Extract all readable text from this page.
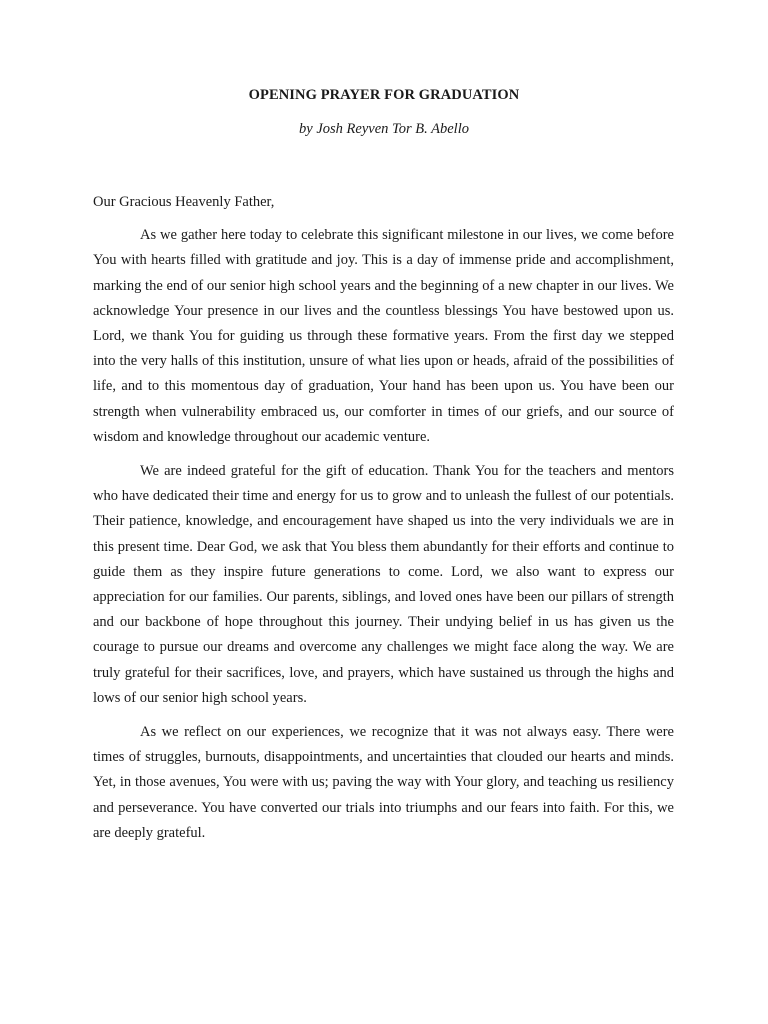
OPENING PRAYER FOR GRADUATION
by Josh Reyven Tor B. Abello

Our Gracious Heavenly Father,

As we gather here today to celebrate this significant milestone in our lives, we come before You with hearts filled with gratitude and joy. This is a day of immense pride and accomplishment, marking the end of our senior high school years and the beginning of a new chapter in our lives. We acknowledge Your presence in our lives and the countless blessings You have bestowed upon us. Lord, we thank You for guiding us through these formative years. From the first day we stepped into the very halls of this institution, unsure of what lies upon or heads, afraid of the possibilities of life, and to this momentous day of graduation, Your hand has been upon us. You have been our strength when vulnerability embraced us, our comforter in times of our griefs, and our source of wisdom and knowledge throughout our academic venture.

We are indeed grateful for the gift of education. Thank You for the teachers and mentors who have dedicated their time and energy for us to grow and to unleash the fullest of our potentials. Their patience, knowledge, and encouragement have shaped us into the very individuals we are in this present time. Dear God, we ask that You bless them abundantly for their efforts and continue to guide them as they inspire future generations to come. Lord, we also want to express our appreciation for our families. Our parents, siblings, and loved ones have been our pillars of strength and our backbone of hope throughout this journey. Their undying belief in us has given us the courage to pursue our dreams and overcome any challenges we might face along the way. We are truly grateful for their sacrifices, love, and prayers, which have sustained us through the highs and lows of our senior high school years.

As we reflect on our experiences, we recognize that it was not always easy. There were times of struggles, burnouts, disappointments, and uncertainties that clouded our hearts and minds. Yet, in those avenues, You were with us; paving the way with Your glory, and teaching us resiliency and perseverance. You have converted our trials into triumphs and our fears into faith. For this, we are deeply grateful.
